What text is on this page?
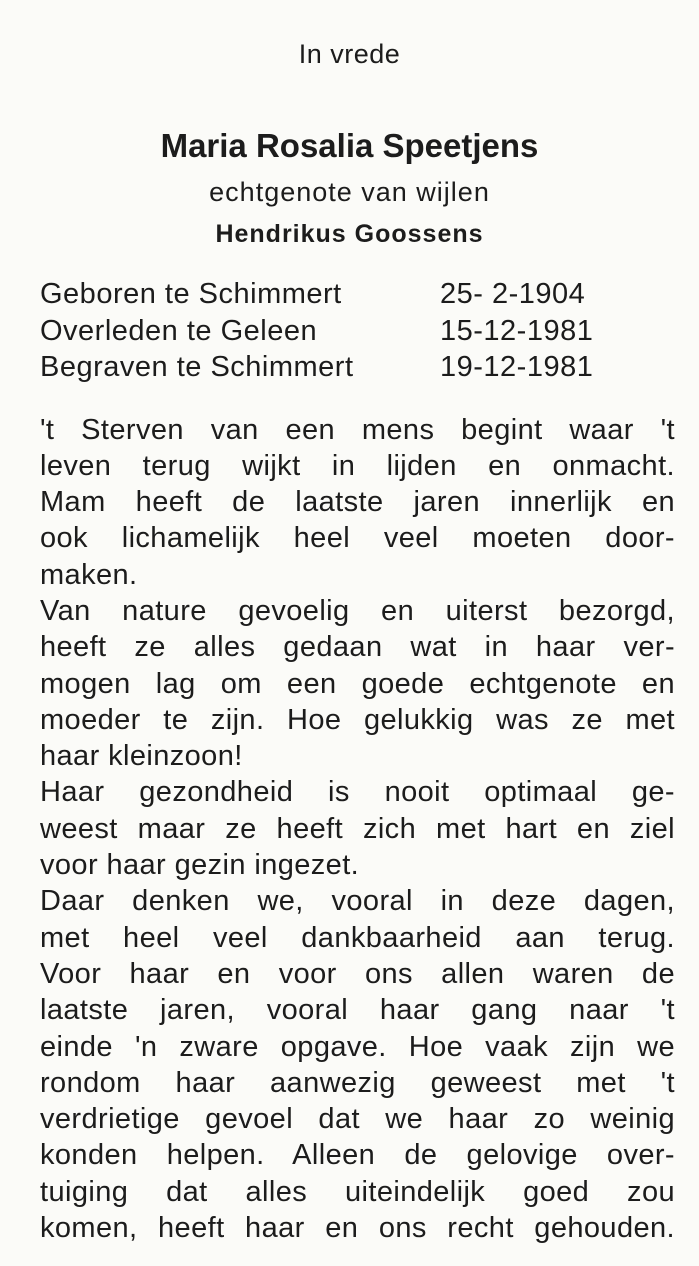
In vrede
Maria Rosalia Speetjens
echtgenote van wijlen
Hendrikus Goossens
Geboren te Schimmert	25- 2-1904
Overleden te Geleen	15-12-1981
Begraven te Schimmert	19-12-1981
't Sterven van een mens begint waar 't
leven terug wijkt in lijden en onmacht.
Mam heeft de laatste jaren innerlijk en
ook lichamelijk heel veel moeten door-
maken.
Van nature gevoelig en uiterst bezorgd,
heeft ze alles gedaan wat in haar ver-
mogen lag om een goede echtgenote en
moeder te zijn. Hoe gelukkig was ze met
haar kleinzoon!
Haar gezondheid is nooit optimaal ge-
weest maar ze heeft zich met hart en ziel
voor haar gezin ingezet.
Daar denken we, vooral in deze dagen,
met heel veel dankbaarheid aan terug.
Voor haar en voor ons allen waren de
laatste jaren, vooral haar gang naar 't
einde 'n zware opgave. Hoe vaak zijn we
rondom haar aanwezig geweest met 't
verdrietige gevoel dat we haar zo weinig
konden helpen. Alleen de gelovige over-
tuiging dat alles uiteindelijk goed zou
komen, heeft haar en ons recht gehouden.
